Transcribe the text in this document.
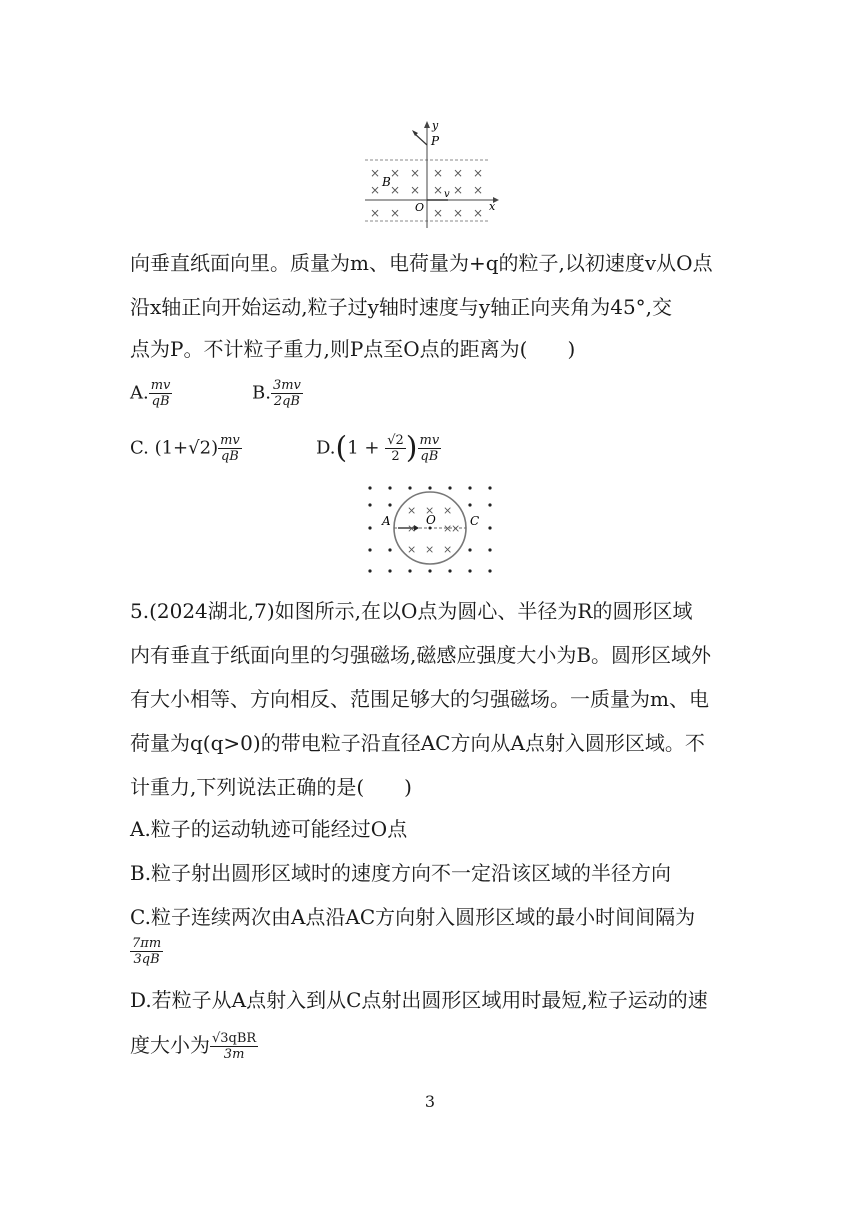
y
P
B
O
v
x
× × × × × ×
× × × × × ×
× ×	× × ×
向垂直纸面向里。质量为m、电荷量为+q的粒子,以初速度v从O点
沿x轴正向开始运动,粒子过y轴时速度与y轴正向夹角为45°,交
点为P。不计粒子重力,则P点至O点的距离为(　　)
A. $\frac{mv}{qB}$	B. $\frac{3mv}{2qB}$
C. $(1+√2) \frac{mv}{qB}$	$D.(1 + \frac{√2}{2}$ ) $\frac{mv}{qB}$
A	O	C
× × ×
× ×
×
× × ×
5.(2024湖北,7)如图所示,在以O点为圆心、半径为R的圆形区域
内有垂直于纸面向里的匀强磁场,磁感应强度大小为B。圆形区域外
有大小相等、方向相反、范围足够大的匀强磁场。一质量为m、电
荷量为q(q>0)的带电粒子沿直径AC方向从A点射入圆形区域。不
计重力,下列说法正确的是(　　)
A.粒子的运动轨迹可能经过O点
B.粒子射出圆形区域时的速度方向不一定沿该区域的半径方向
C.粒子连续两次由A点沿AC方向射入圆形区域的最小时间间隔为
$\frac{7\pi m}{3qB}$
D.若粒子从A点射入到从C点射出圆形区域用时最短,粒子运动的速
度大小为 $\frac{\text{√3qBR}}{3m}$
3
